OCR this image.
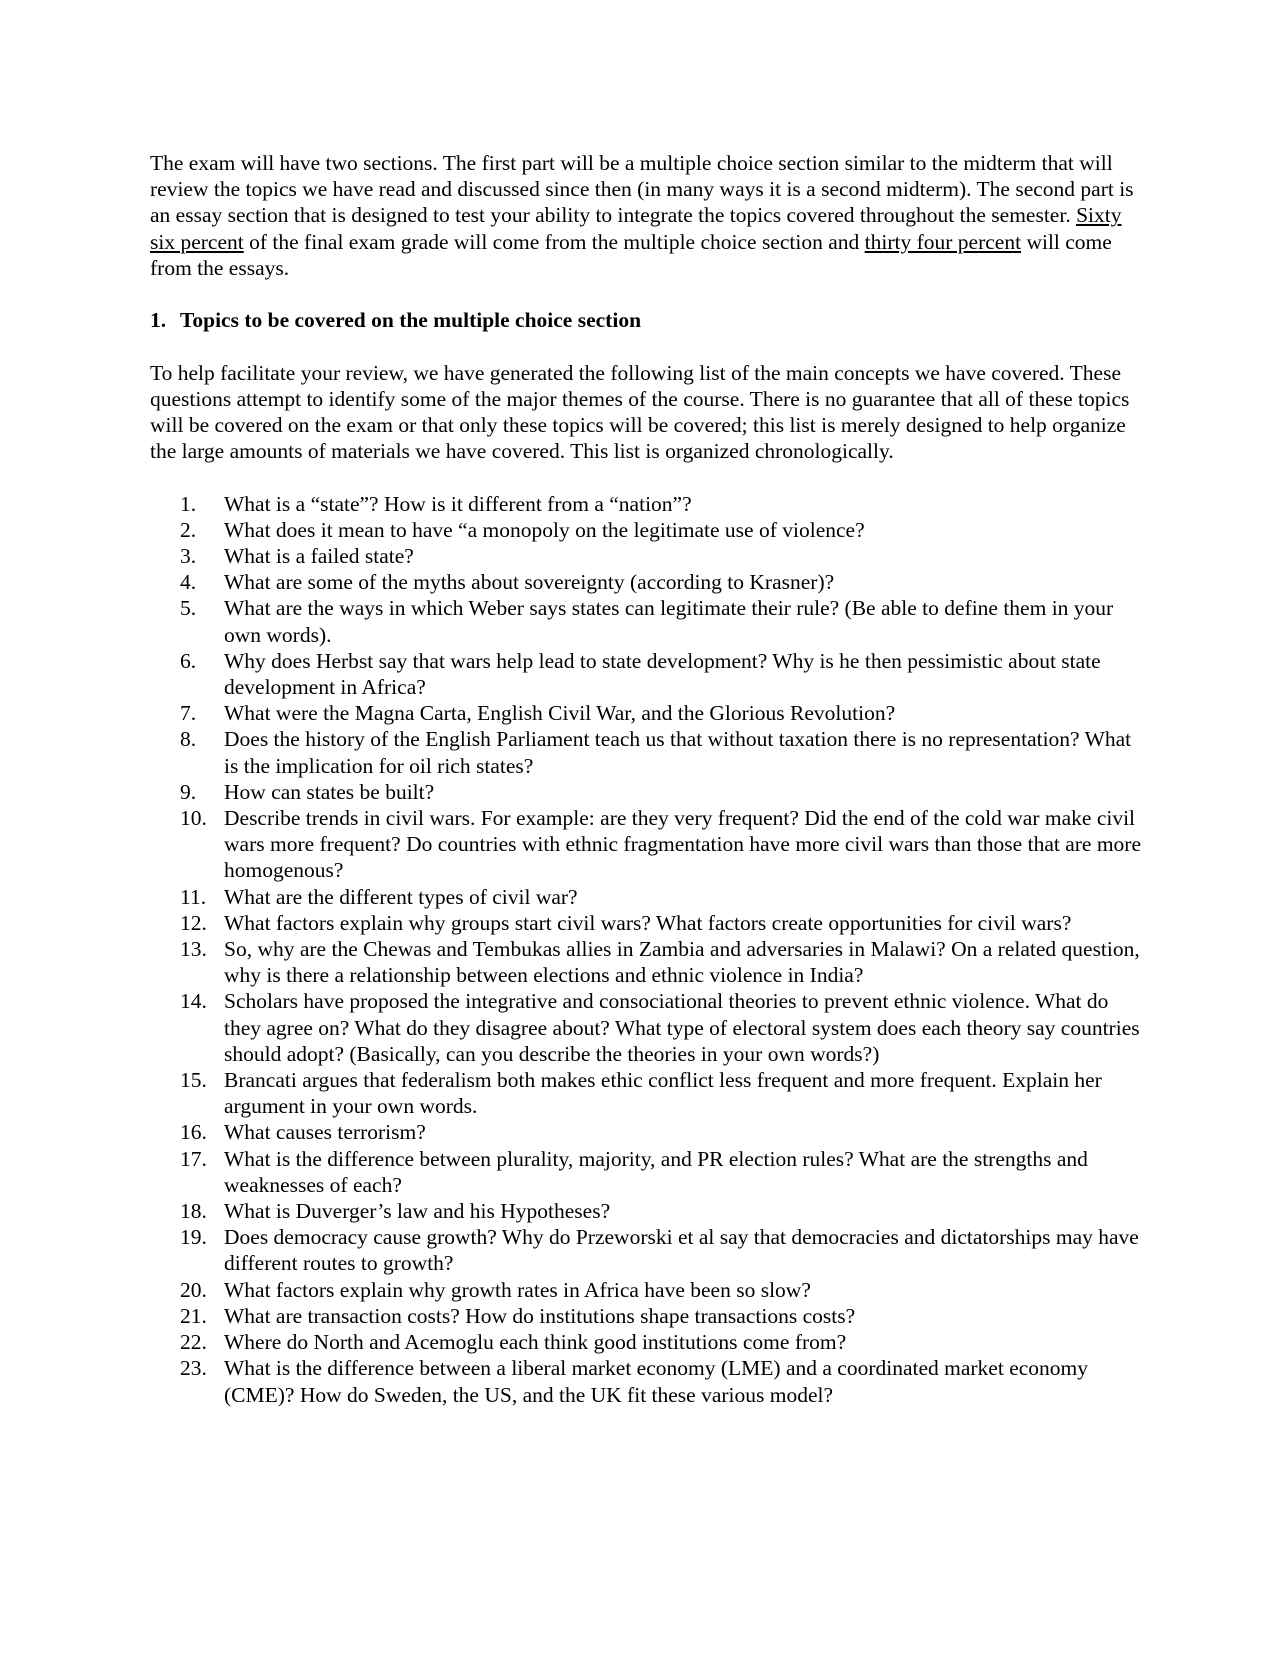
The exam will have two sections. The first part will be a multiple choice section similar to the midterm that will review the topics we have read and discussed since then (in many ways it is a second midterm). The second part is an essay section that is designed to test your ability to integrate the topics covered throughout the semester. Sixty six percent of the final exam grade will come from the multiple choice section and thirty four percent will come from the essays.

1. Topics to be covered on the multiple choice section

To help facilitate your review, we have generated the following list of the main concepts we have covered. These questions attempt to identify some of the major themes of the course. There is no guarantee that all of these topics will be covered on the exam or that only these topics will be covered; this list is merely designed to help organize the large amounts of materials we have covered. This list is organized chronologically.

1.	What is a “state”? How is it different from a “nation”?
2.	What does it mean to have “a monopoly on the legitimate use of violence?
3.	What is a failed state?
4.	What are some of the myths about sovereignty (according to Krasner)?
5.	What are the ways in which Weber says states can legitimate their rule? (Be able to define them in your own words).
6.	Why does Herbst say that wars help lead to state development? Why is he then pessimistic about state development in Africa?
7.	What were the Magna Carta, English Civil War, and the Glorious Revolution?
8.	Does the history of the English Parliament teach us that without taxation there is no representation? What is the implication for oil rich states?
9.	How can states be built?
10. Describe trends in civil wars. For example: are they very frequent? Did the end of the cold war make civil wars more frequent? Do countries with ethnic fragmentation have more civil wars than those that are more homogenous?
11. What are the different types of civil war?
12. What factors explain why groups start civil wars? What factors create opportunities for civil wars?
13. So, why are the Chewas and Tembukas allies in Zambia and adversaries in Malawi? On a related question, why is there a relationship between elections and ethnic violence in India?
14. Scholars have proposed the integrative and consociational theories to prevent ethnic violence. What do they agree on? What do they disagree about? What type of electoral system does each theory say countries should adopt? (Basically, can you describe the theories in your own words?)
15. Brancati argues that federalism both makes ethic conflict less frequent and more frequent. Explain her argument in your own words.
16. What causes terrorism?
17. What is the difference between plurality, majority, and PR election rules? What are the strengths and weaknesses of each?
18. What is Duverger’s law and his Hypotheses?
19. Does democracy cause growth? Why do Przeworski et al say that democracies and dictatorships may have different routes to growth?
20. What factors explain why growth rates in Africa have been so slow?
21. What are transaction costs? How do institutions shape transactions costs?
22. Where do North and Acemoglu each think good institutions come from?
23. What is the difference between a liberal market economy (LME) and a coordinated market economy (CME)? How do Sweden, the US, and the UK fit these various model?
